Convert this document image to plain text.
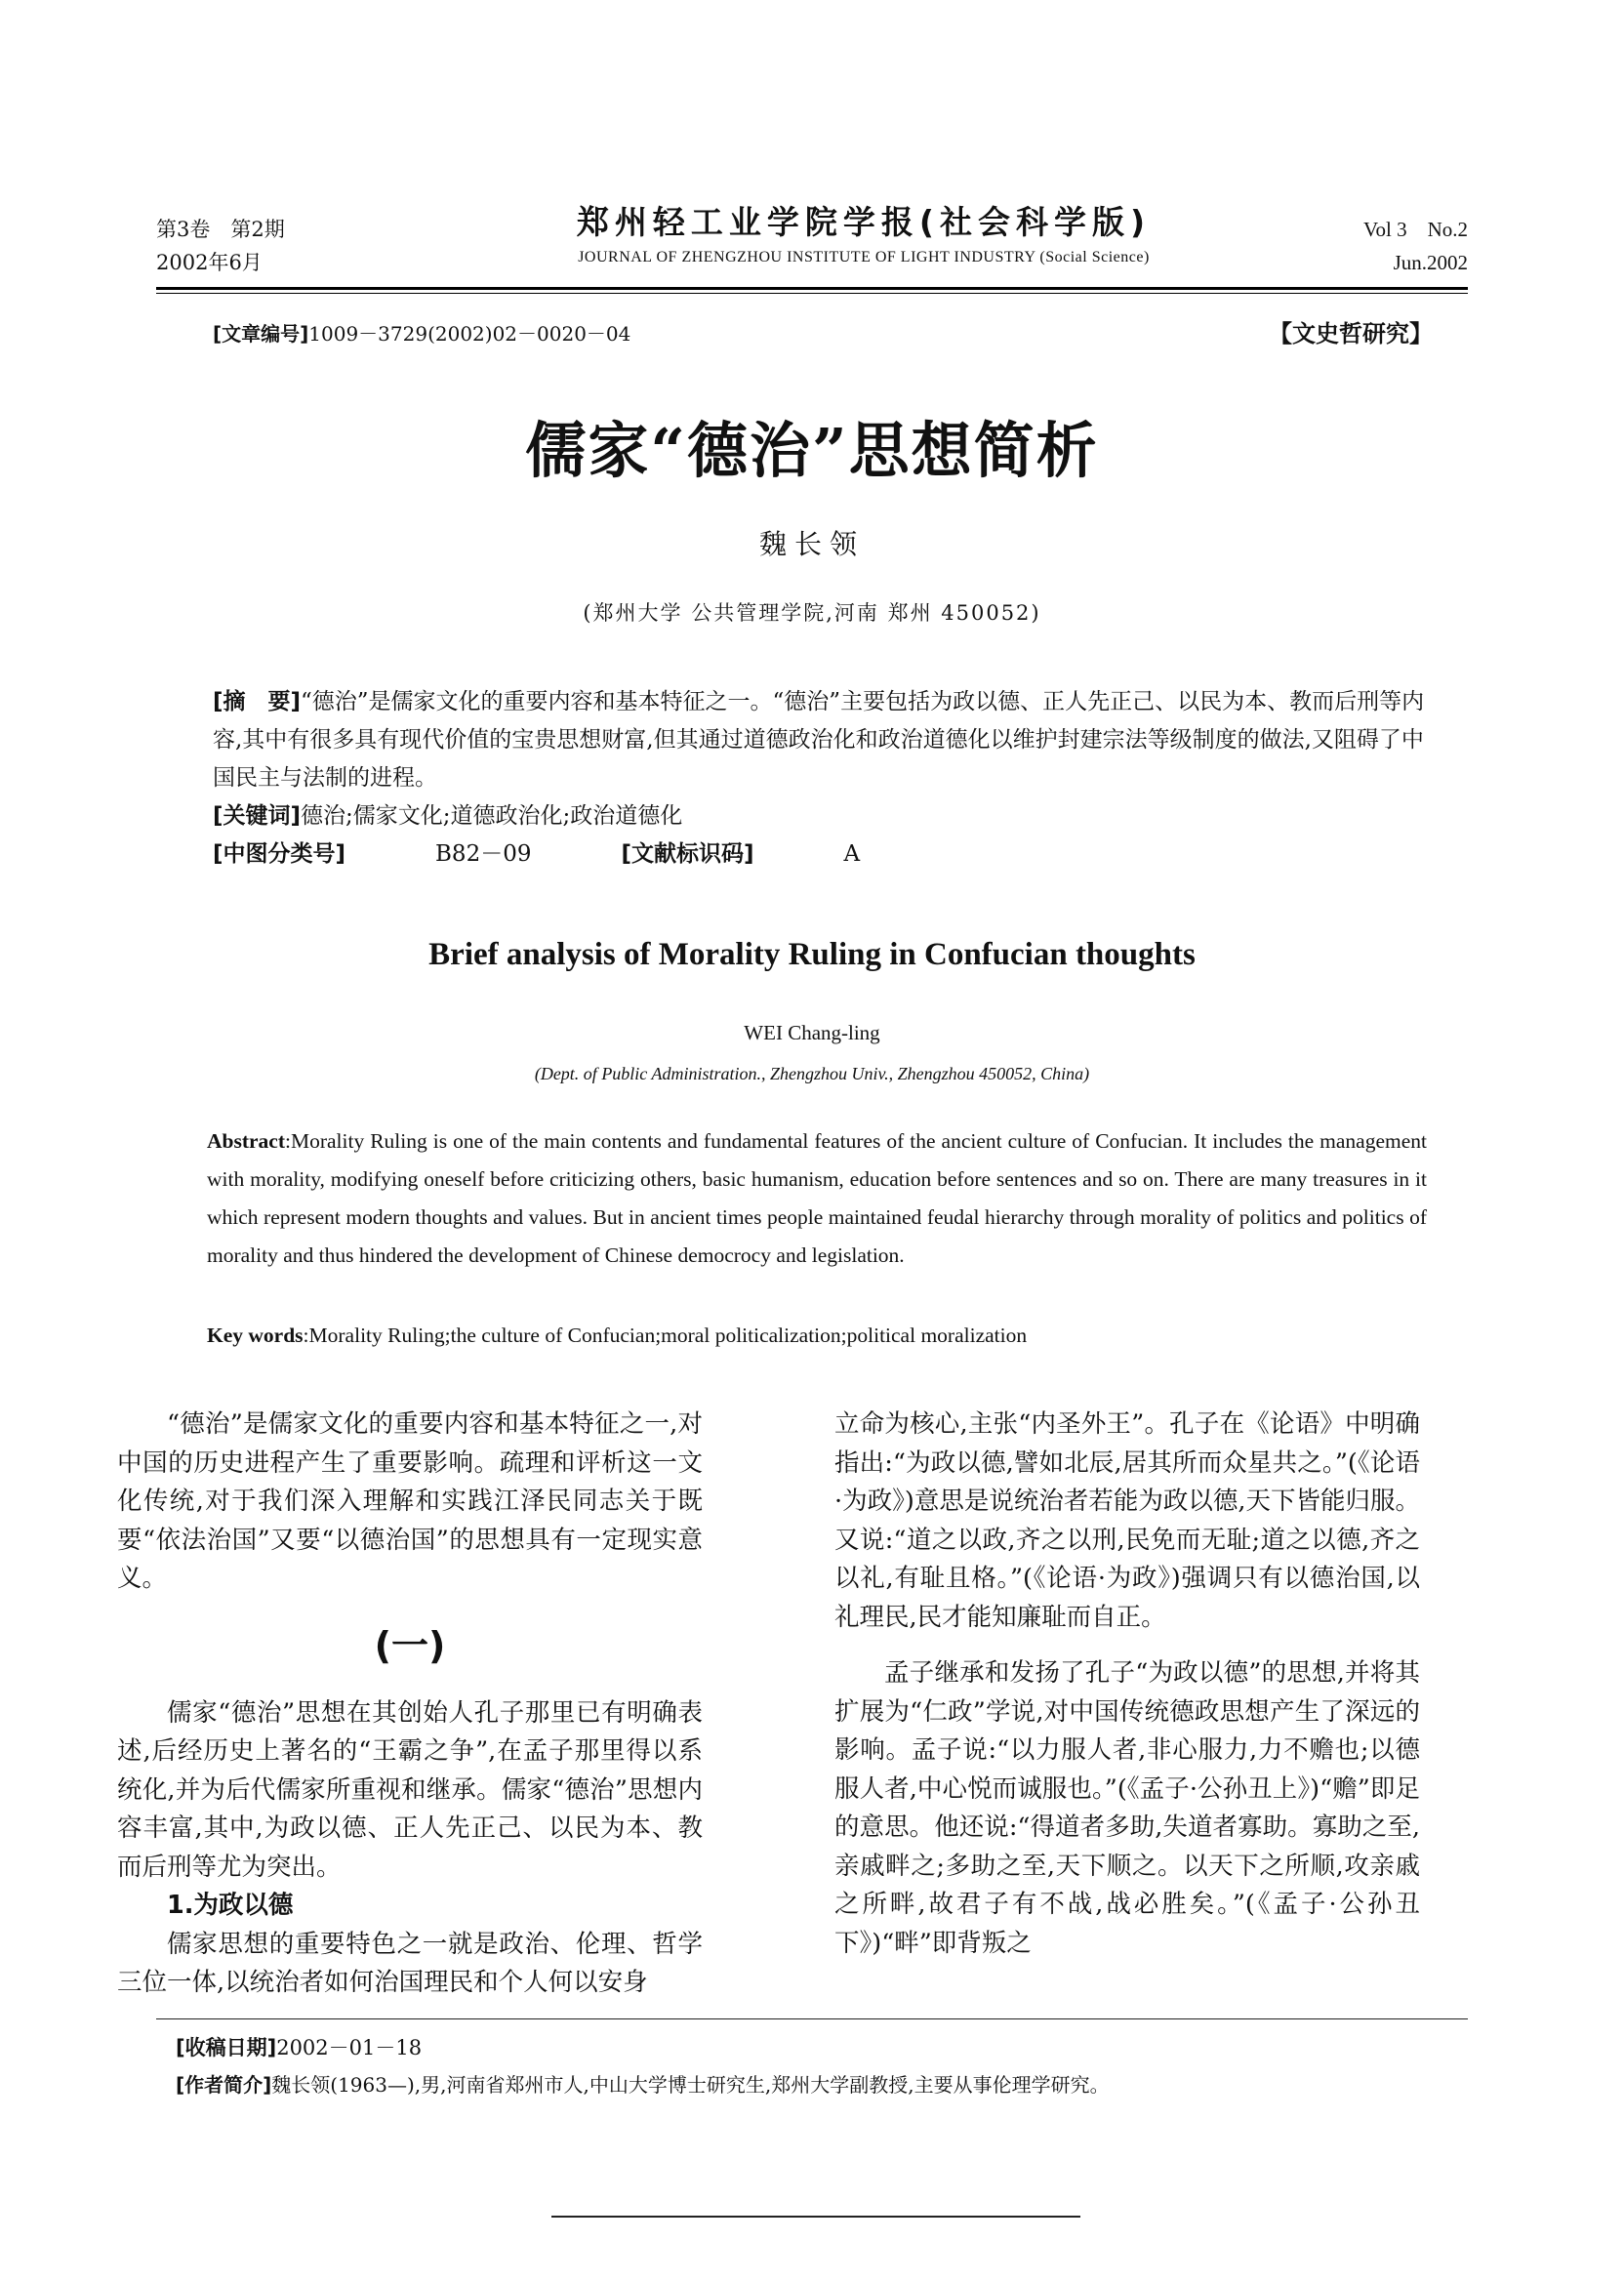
第3卷　第2期
2002年6月
郑州轻工业学院学报(社会科学版)
JOURNAL OF ZHENGZHOU INSTITUTE OF LIGHT INDUSTRY (Social Science)
Vol 3　No.2
Jun.2002
[文章编号]1009－3729(2002)02－0020－04	【文史哲研究】
儒家“德治”思想简析
魏长领
(郑州大学 公共管理学院,河南 郑州 450052)
[摘　要]“德治”是儒家文化的重要内容和基本特征之一。“德治”主要包括为政以德、正人先正己、以民为本、教而后刑等内容,其中有很多具有现代价值的宝贵思想财富,但其通过道德政治化和政治道德化以维护封建宗法等级制度的做法,又阻碍了中国民主与法制的进程。
[关键词]德治;儒家文化;道德政治化;政治道德化
[中图分类号]	B82－09	[文献标识码]	A
Brief analysis of Morality Ruling in Confucian thoughts
WEI Chang-ling
(Dept. of Public Administration., Zhengzhou Univ., Zhengzhou 450052, China)
Abstract:Morality Ruling is one of the main contents and fundamental features of the ancient culture of Confucian. It includes the management with morality, modifying oneself before criticizing others, basic humanism, education before sentences and so on. There are many treasures in it which represent modern thoughts and values. But in ancient times people maintained feudal hierarchy through morality of politics and politics of morality and thus hindered the development of Chinese democrocy and legislation.
Key words:Morality Ruling;the culture of Confucian;moral politicalization;political moralization

“德治”是儒家文化的重要内容和基本特征之一,对中国的历史进程产生了重要影响。疏理和评析这一文化传统,对于我们深入理解和实践江泽民同志关于既要“依法治国”又要“以德治国”的思想具有一定现实意义。

(一)

儒家“德治”思想在其创始人孔子那里已有明确表述,后经历史上著名的“王霸之争”,在孟子那里得以系统化,并为后代儒家所重视和继承。儒家“德治”思想内容丰富,其中,为政以德、正人先正己、以民为本、教而后刑等尤为突出。

1.为政以德

儒家思想的重要特色之一就是政治、伦理、哲学三位一体,以统治者如何治国理民和个人何以安身

立命为核心,主张“内圣外王”。孔子在《论语》中明确指出:“为政以德,譬如北辰,居其所而众星共之。”(《论语·为政》)意思是说统治者若能为政以德,天下皆能归服。又说:“道之以政,齐之以刑,民免而无耻;道之以德,齐之以礼,有耻且格。”(《论语·为政》)强调只有以德治国,以礼理民,民才能知廉耻而自正。

孟子继承和发扬了孔子“为政以德”的思想,并将其扩展为“仁政”学说,对中国传统德政思想产生了深远的影响。孟子说:“以力服人者,非心服力,力不赡也;以德服人者,中心悦而诚服也。”(《孟子·公孙丑上》)“赡”即足的意思。他还说:“得道者多助,失道者寡助。寡助之至,亲戚畔之;多助之至,天下顺之。以天下之所顺,攻亲戚之所畔,故君子有不战,战必胜矣。”(《孟子·公孙丑下》)“畔”即背叛之

[收稿日期]2002－01－18
[作者简介]魏长领(1963—),男,河南省郑州市人,中山大学博士研究生,郑州大学副教授,主要从事伦理学研究。
